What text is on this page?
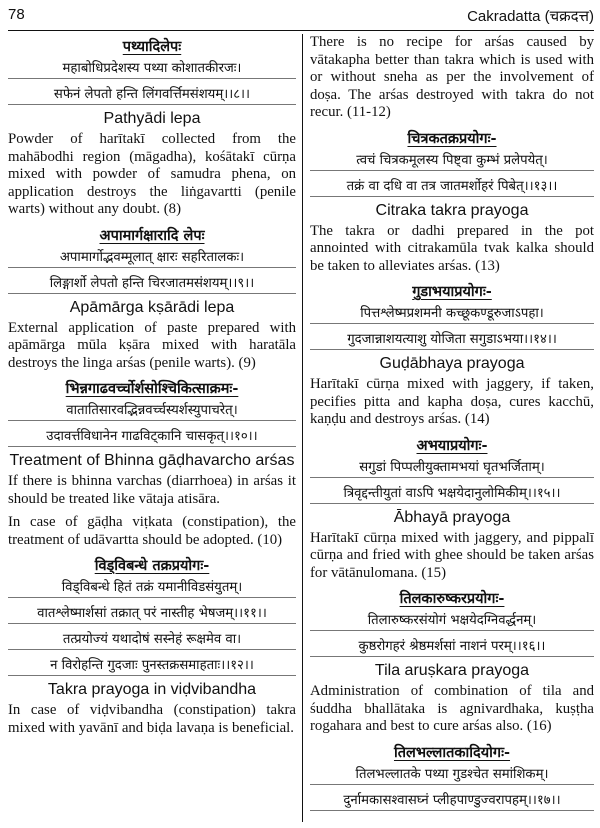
78	Cakradatta (चक्रदत्त)
पथ्यादिलेपः
महाबोधिप्रदेशस्य पथ्या कोशातकीरजः।
सफेनं लेपतो हन्ति लिंगवर्त्तिमसंशयम्।।८।।
Pathyādi lepa
Powder of harītakī collected from the mahābodhi region (māgadha), kośātakī cūrṇa mixed with powder of samudra phena, on application destroys the liṅgavartti (penile warts) without any doubt. (8)
अपामार्गक्षारादि लेपः
अपामार्गोद्भवम्मूलात् क्षारः सहरितालकः।
लिङ्गार्शो लेपतो हन्ति चिरजातमसंशयम्।।९।।
Apāmārga kṣārādi lepa
External application of paste prepared with apāmārga mūla kṣāra mixed with haratāla destroys the linga arśas (penile warts). (9)
भिन्नगाढवर्च्चोर्शसोश्चिकित्साक्रमः-
वातातिसारवद्भिन्नवर्च्चस्यर्शस्युपाचरेत्।
उदावर्त्तविधानेन गाढविट्कानि चासकृत्।।१०।।
Treatment of Bhinna gāḍhavarcho arśas
If there is bhinna varchas (diarrhoea) in arśas it should be treated like vātaja atisāra.
In case of gāḍha viṭkata (constipation), the treatment of udāvartta should be adopted. (10)
विड्विबन्धे तक्रप्रयोगः-
विड्विबन्धे हितं तक्रं यमानीविडसंयुतम्।
वातश्लेष्मार्शसां तक्रात् परं नास्तीह भेषजम्।।११।।
तत्प्रयोज्यं यथादोषं सस्नेहं रूक्षमेव वा।
न विरोहन्ति गुदजाः पुनस्तक्रसमाहताः।।१२।।
Takra prayoga in viḍvibandha
In case of viḍvibandha (constipation) takra mixed with yavānī and biḍa lavaṇa is beneficial.
There is no recipe for arśas caused by vātakapha better than takra which is used with or without sneha as per the involvement of doṣa. The arśas destroyed with takra do not recur. (11-12)
चित्रकतक्रप्रयोगः-
त्वचं चित्रकमूलस्य पिष्ट्वा कुम्भं प्रलेपयेत्।
तक्रं वा दधि वा तत्र जातमर्शोहरं पिबेत्।।१३।।
Citraka takra prayoga
The takra or dadhi prepared in the pot annointed with citrakamūla tvak kalka should be taken to alleviates arśas. (13)
गुडाभयाप्रयोगः-
पित्तश्लेष्मप्रशमनी कच्छूकण्डूरुजाऽपहा।
गुदजान्नाशयत्याशु योजिता सगुडाऽभया।।१४।।
Guḍābhaya prayoga
Harītakī cūrṇa mixed with jaggery, if taken, pecifies pitta and kapha doṣa, cures kacchū, kaṇḍu and destroys arśas. (14)
अभयाप्रयोगः-
सगुडां पिप्पलीयुक्तामभयां घृतभर्जिताम्।
त्रिवृद्दन्तीयुतां वाऽपि भक्षयेदानुलोमिकीम्।।१५।।
Ābhayā prayoga
Harītakī cūrṇa mixed with jaggery, and pippalī cūrṇa and fried with ghee should be taken arśas for vātānulomana. (15)
तिलकारुष्करप्रयोगः-
तिलारुष्करसंयोगं भक्षयेदग्निवर्द्धनम्।
कुष्ठरोगहरं श्रेष्ठमर्शसां नाशनं परम्।।१६।।
Tila aruṣkara prayoga
Administration of combination of tila and śuddha bhallātaka is agnivardhaka, kuṣṭha rogahara and best to cure arśas also. (16)
तिलभल्लातकादियोगः-
तिलभल्लातके पथ्या गुडश्चेत समांशिकम्।
दुर्नामकासश्वासघ्नं प्लीहपाण्डुज्वरापहम्।।१७।।
